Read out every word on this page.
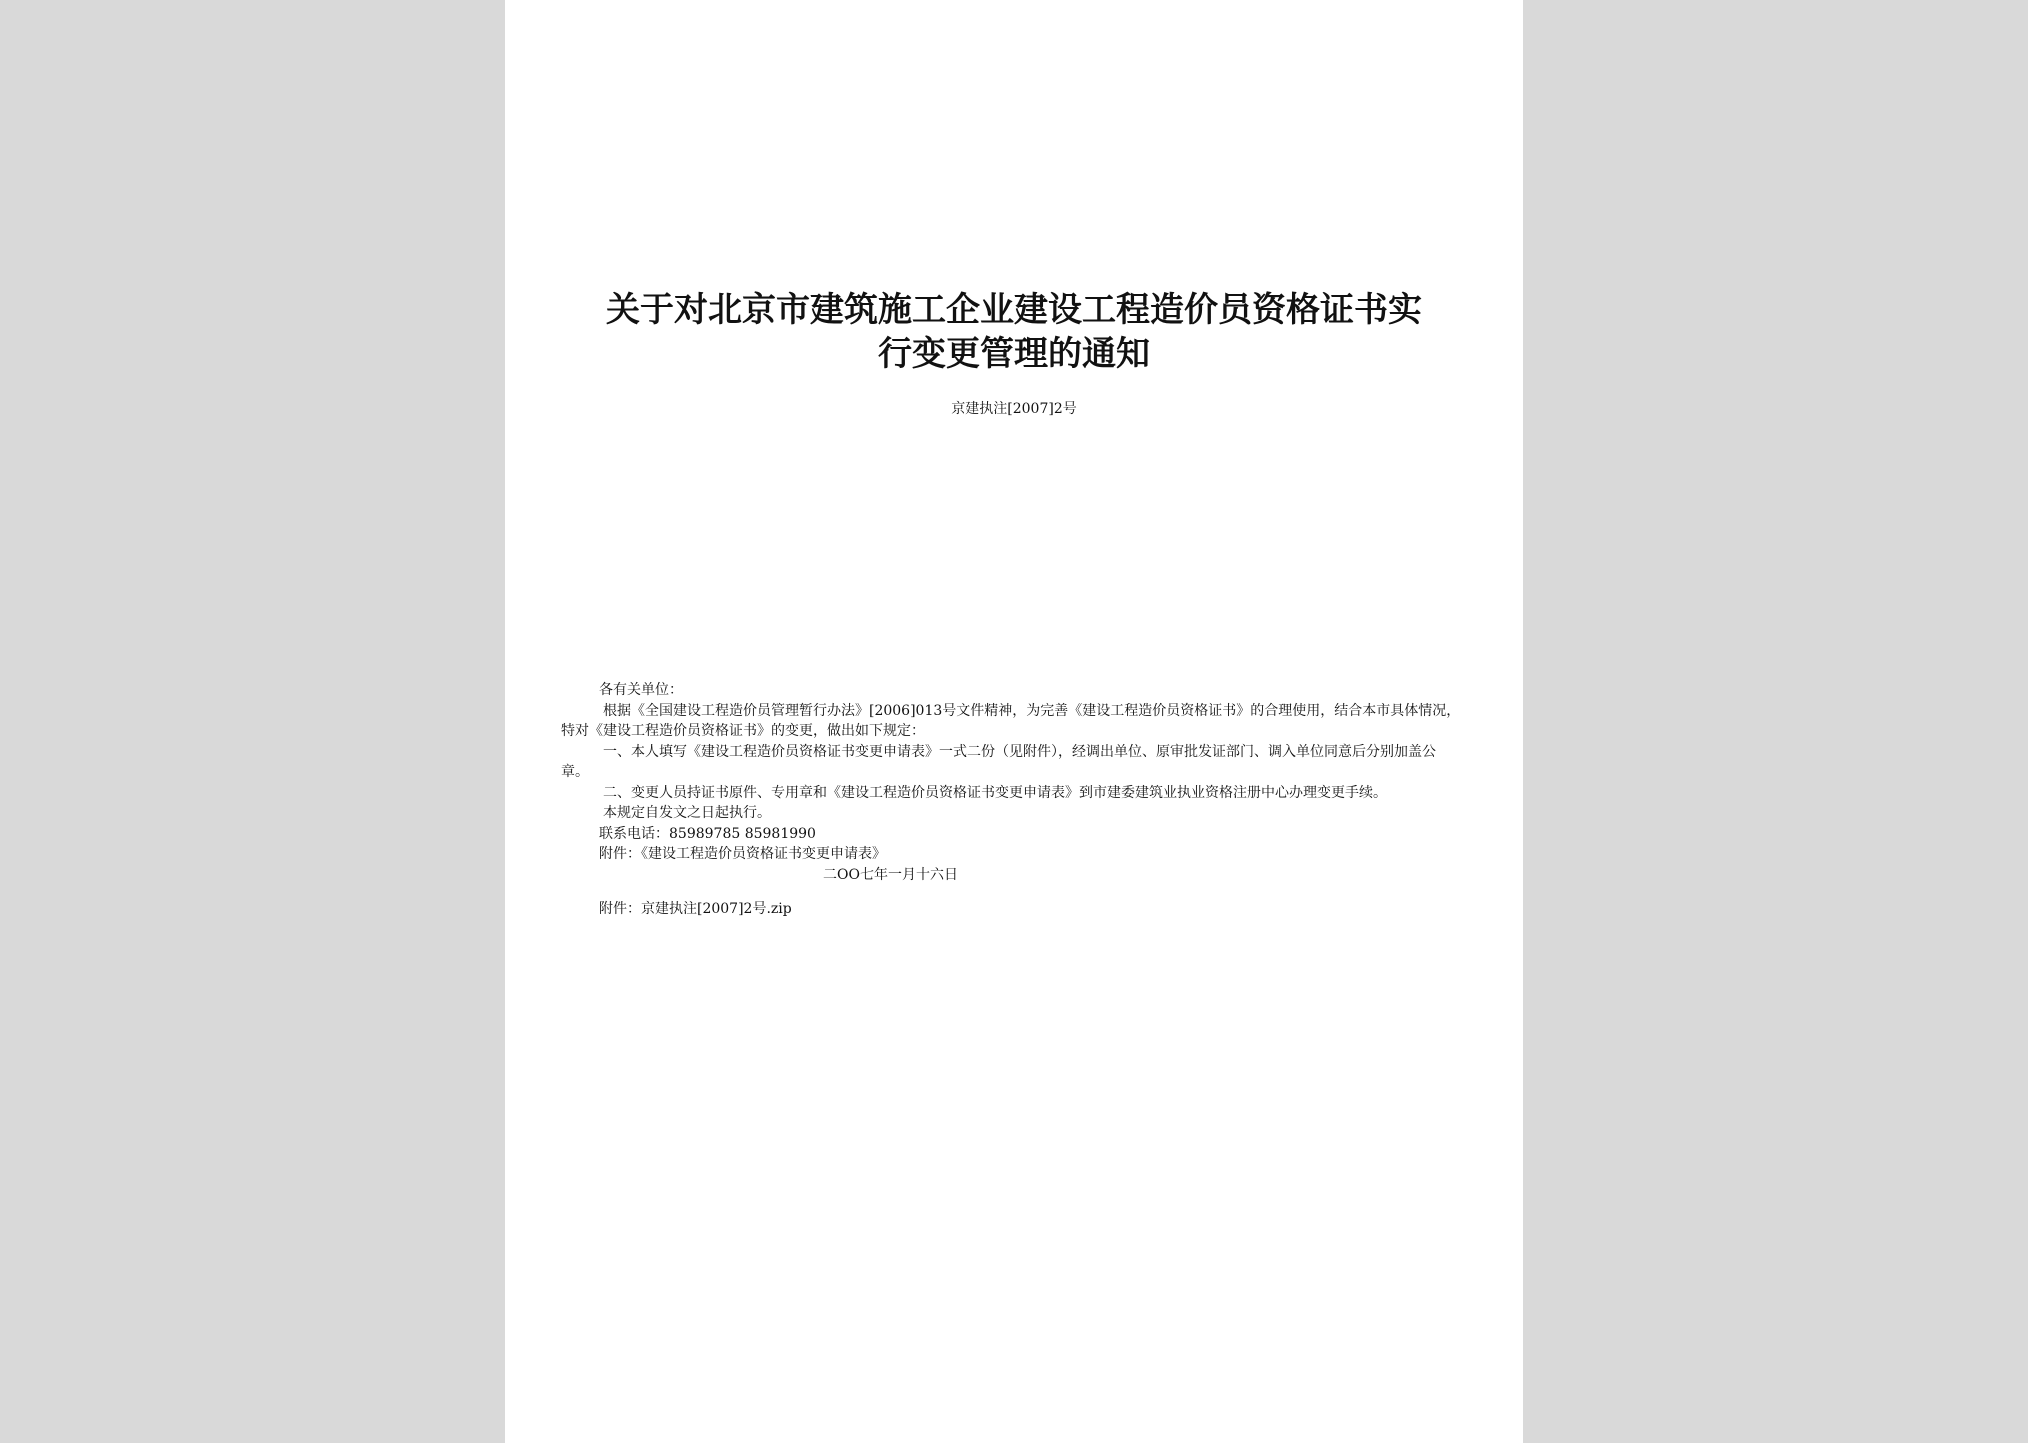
关于对北京市建筑施工企业建设工程造价员资格证书实
行变更管理的通知
京建执注[2007]2号

各有关单位：

根据《全国建设工程造价员管理暂行办法》[2006]013号文件精神，为完善《建设工程造价员资格证书》的合理使用，结合本市具体情况，特对《建设工程造价员资格证书》的变更，做出如下规定：

一、本人填写《建设工程造价员资格证书变更申请表》一式二份（见附件），经调出单位、原审批发证部门、调入单位同意后分别加盖公章。

二、变更人员持证书原件、专用章和《建设工程造价员资格证书变更申请表》到市建委建筑业执业资格注册中心办理变更手续。

本规定自发文之日起执行。

联系电话：85989785 85981990

附件：《建设工程造价员资格证书变更申请表》

二OO七年一月十六日

附件：京建执注[2007]2号.zip
